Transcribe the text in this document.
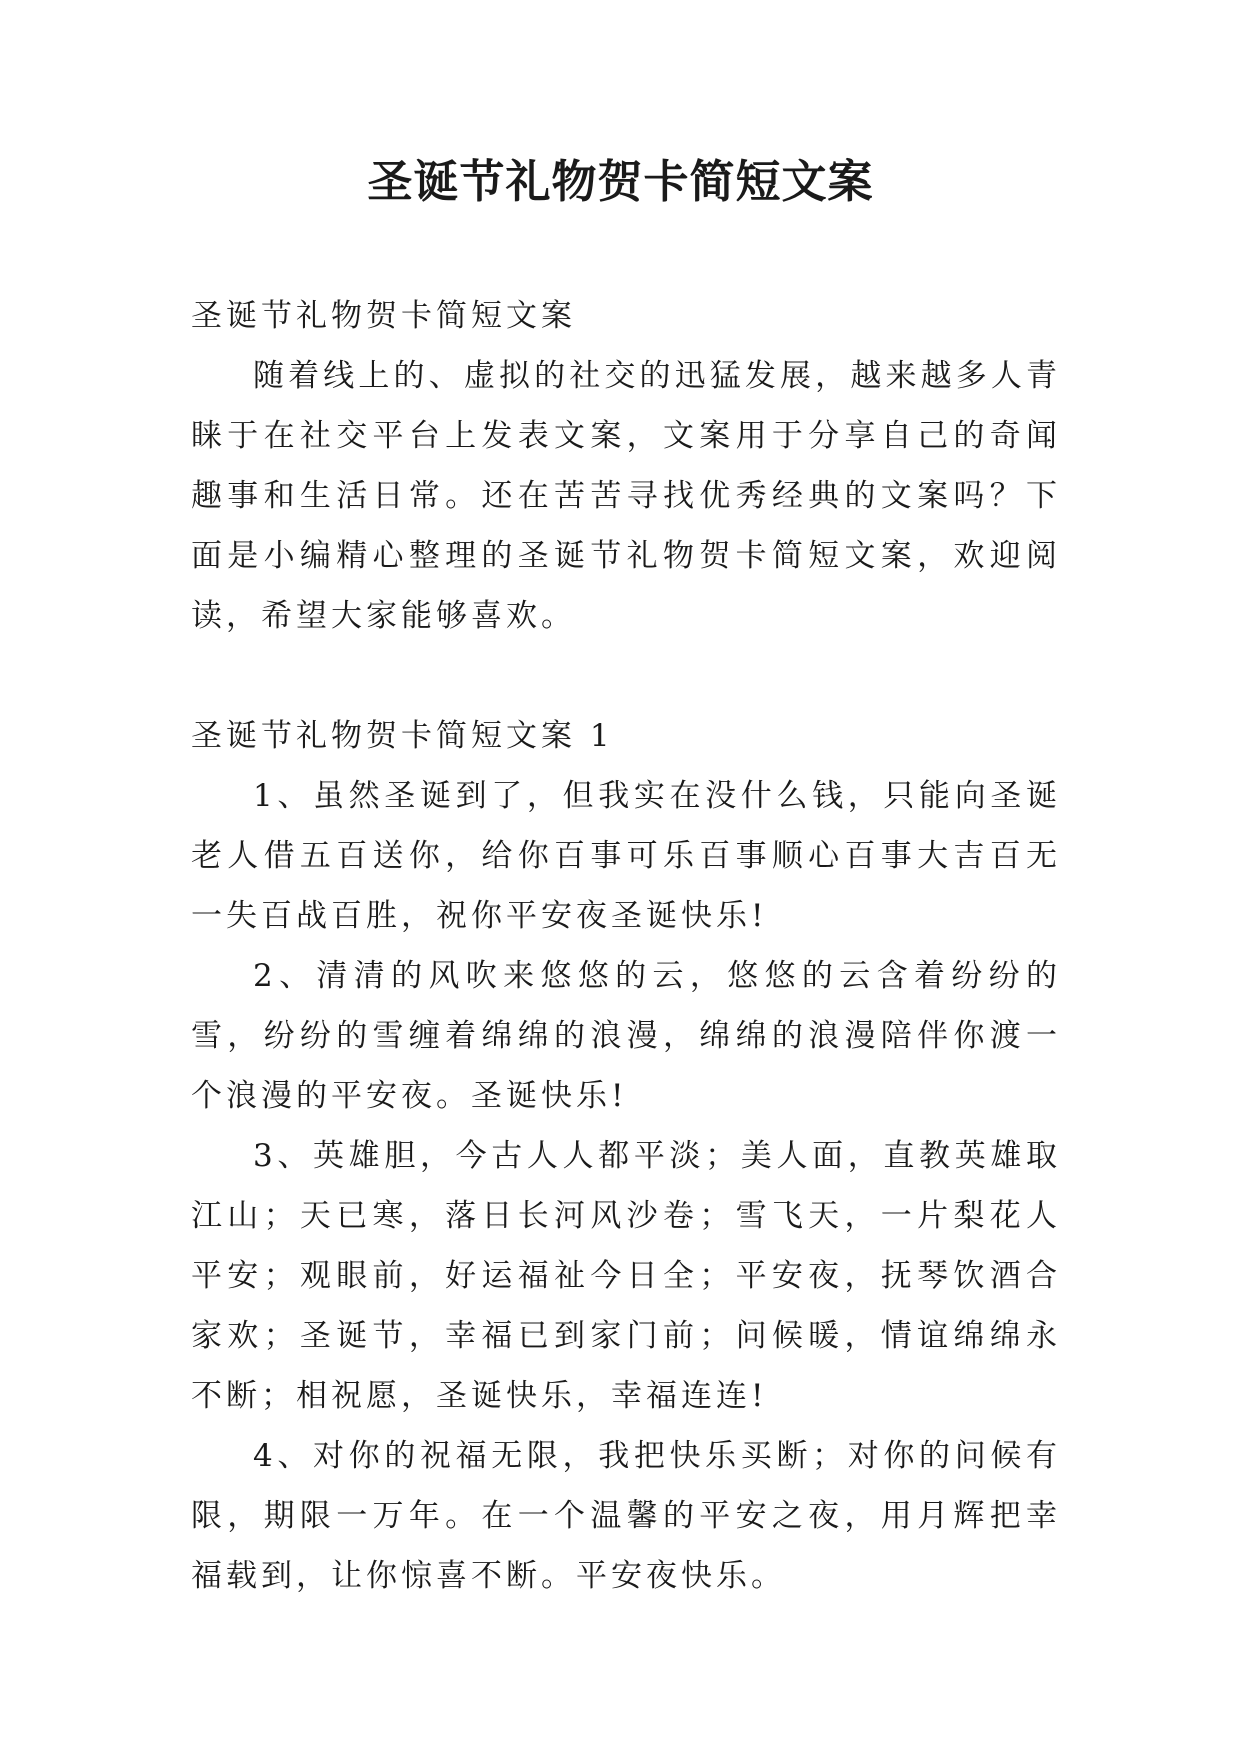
圣诞节礼物贺卡简短文案

圣诞节礼物贺卡简短文案

随着线上的、虚拟的社交的迅猛发展，越来越多人青睐于在社交平台上发表文案，文案用于分享自己的奇闻趣事和生活日常。还在苦苦寻找优秀经典的文案吗？下面是小编精心整理的圣诞节礼物贺卡简短文案，欢迎阅读，希望大家能够喜欢。

圣诞节礼物贺卡简短文案 1

1、虽然圣诞到了，但我实在没什么钱，只能向圣诞老人借五百送你，给你百事可乐百事顺心百事大吉百无一失百战百胜，祝你平安夜圣诞快乐!

2、清清的风吹来悠悠的云，悠悠的云含着纷纷的雪，纷纷的雪缠着绵绵的浪漫，绵绵的浪漫陪伴你渡一个浪漫的平安夜。圣诞快乐!

3、英雄胆，今古人人都平淡；美人面，直教英雄取江山；天已寒，落日长河风沙卷；雪飞天，一片梨花人平安；观眼前，好运福祉今日全；平安夜，抚琴饮酒合家欢；圣诞节，幸福已到家门前；问候暖，情谊绵绵永不断；相祝愿，圣诞快乐，幸福连连!

4、对你的祝福无限，我把快乐买断；对你的问候有限，期限一万年。在一个温馨的平安之夜，用月辉把幸福载到，让你惊喜不断。平安夜快乐。
